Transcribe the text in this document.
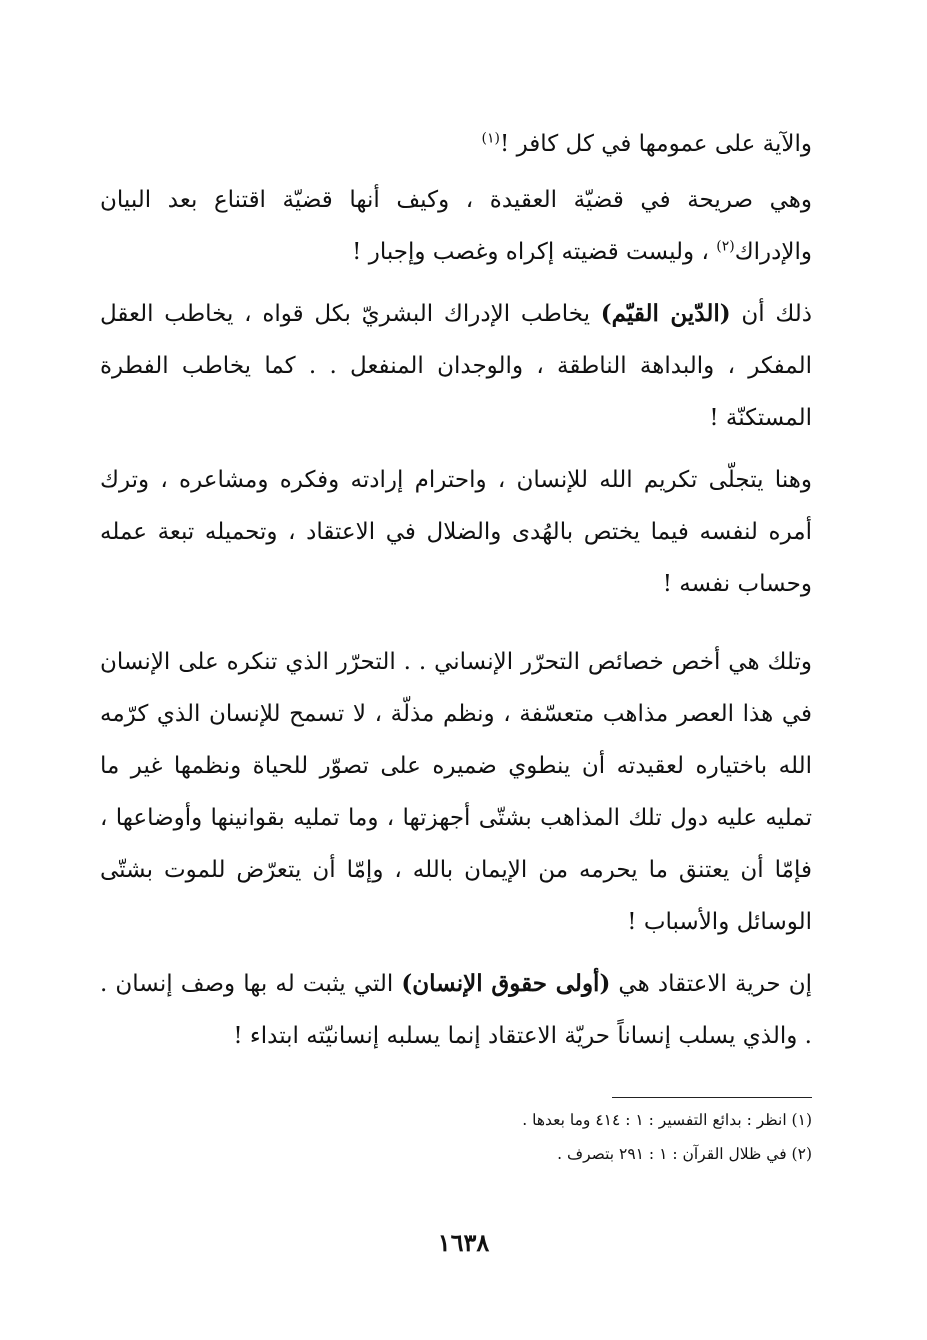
والآية على عمومها في كل كافر !$^{(١)}$

وهي صريحة في قضيّة العقيدة ، وكيف أنها قضيّة اقتناع بعد البيان والإدراك$^{(٢)}$ ، وليست قضيته إكراه وغصب وإجبار !

ذلك أن (الدّين القيّم) يخاطب الإدراك البشريّ بكل قواه ، يخاطب العقل المفكر ، والبداهة الناطقة ، والوجدان المنفعل . . كما يخاطب الفطرة المستكنّة !

وهنا يتجلّى تكريم الله للإنسان ، واحترام إرادته وفكره ومشاعره ، وترك أمره لنفسه فيما يختص بالهُدى والضلال في الاعتقاد ، وتحميله تبعة عمله وحساب نفسه !

وتلك هي أخص خصائص التحرّر الإنساني . . التحرّر الذي تنكره على الإنسان في هذا العصر مذاهب متعسّفة ، ونظم مذلّة ، لا تسمح للإنسان الذي كرّمه الله باختياره لعقيدته أن ينطوي ضميره على تصوّر للحياة ونظمها غير ما تمليه عليه دول تلك المذاهب بشتّى أجهزتها ، وما تمليه بقوانينها وأوضاعها ، فإمّا أن يعتنق ما يحرمه من الإيمان بالله ، وإمّا أن يتعرّض للموت بشتّى الوسائل والأسباب !

إن حرية الاعتقاد هي (أولى حقوق الإنسان) التي يثبت له بها وصف إنسان . . والذي يسلب إنساناً حريّة الاعتقاد إنما يسلبه إنسانيّته ابتداء !

(١) انظر : بدائع التفسير : ١ : ٤١٤ وما بعدها .
(٢) في ظلال القرآن : ١ : ٢٩١ بتصرف .
١٦٣٨
